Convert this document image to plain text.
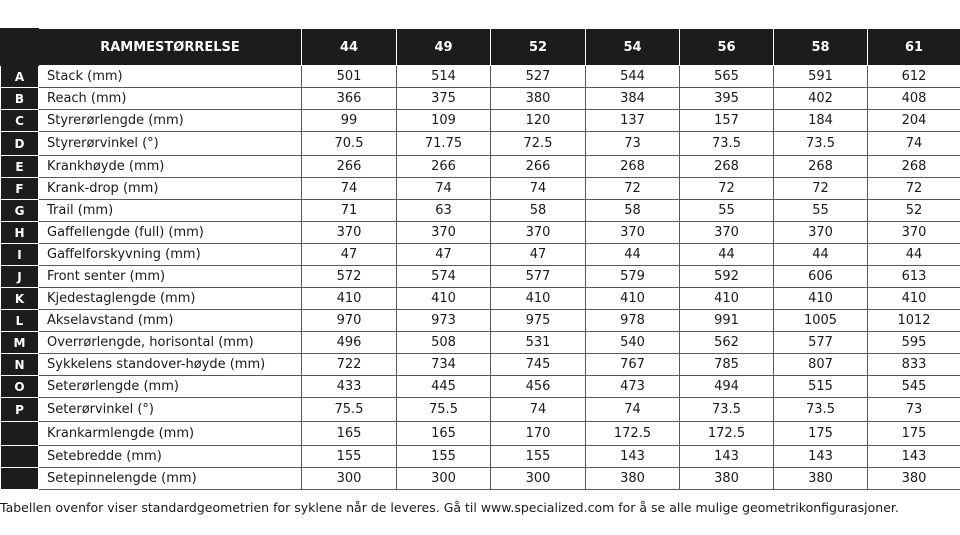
	RAMMESTØRRELSE	44	49	52	54	56	58	61
A	Stack (mm)	501	514	527	544	565	591	612
B	Reach (mm)	366	375	380	384	395	402	408
C	Styrerørlengde (mm)	99	109	120	137	157	184	204
D	Styrerørvinkel (°)	70.5	71.75	72.5	73	73.5	73.5	74
E	Krankhøyde (mm)	266	266	266	268	268	268	268
F	Krank-drop (mm)	74	74	74	72	72	72	72
G	Trail (mm)	71	63	58	58	55	55	52
H	Gaffellengde (full) (mm)	370	370	370	370	370	370	370
I	Gaffelforskyvning (mm)	47	47	47	44	44	44	44
J	Front senter (mm)	572	574	577	579	592	606	613
K	Kjedestaglengde (mm)	410	410	410	410	410	410	410
L	Akselavstand (mm)	970	973	975	978	991	1005	1012
M	Overrørlengde, horisontal (mm)	496	508	531	540	562	577	595
N	Sykkelens standover-høyde (mm)	722	734	745	767	785	807	833
O	Seterørlengde (mm)	433	445	456	473	494	515	545
P	Seterørvinkel (°)	75.5	75.5	74	74	73.5	73.5	73
	Krankarmlengde (mm)	165	165	170	172.5	172.5	175	175
	Setebredde (mm)	155	155	155	143	143	143	143
	Setepinnelengde (mm)	300	300	300	380	380	380	380
Tabellen ovenfor viser standardgeometrien for syklene når de leveres. Gå til www.specialized.com for å se alle mulige geometrikonfigurasjoner.
